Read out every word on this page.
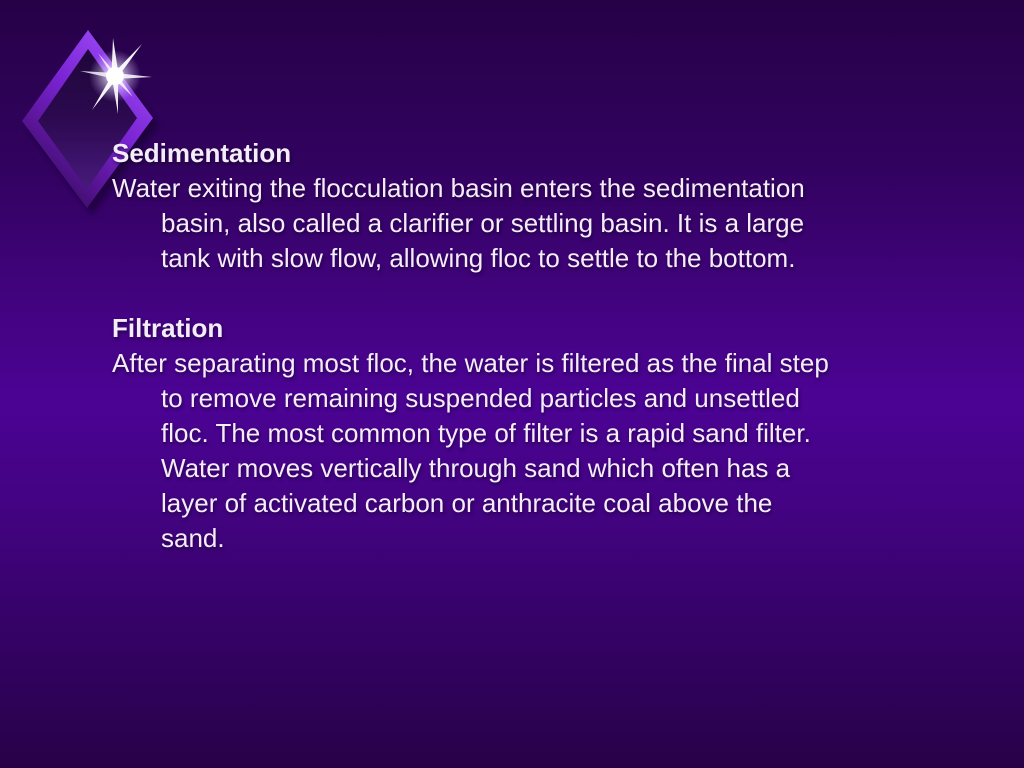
Sedimentation
Water exiting the flocculation basin enters the sedimentation
basin, also called a clarifier or settling basin. It is a large
tank with slow flow, allowing floc to settle to the bottom.
Filtration
After separating most floc, the water is filtered as the final step
to remove remaining suspended particles and unsettled
floc. The most common type of filter is a rapid sand filter.
Water moves vertically through sand which often has a
layer of activated carbon or anthracite coal above the
sand.
